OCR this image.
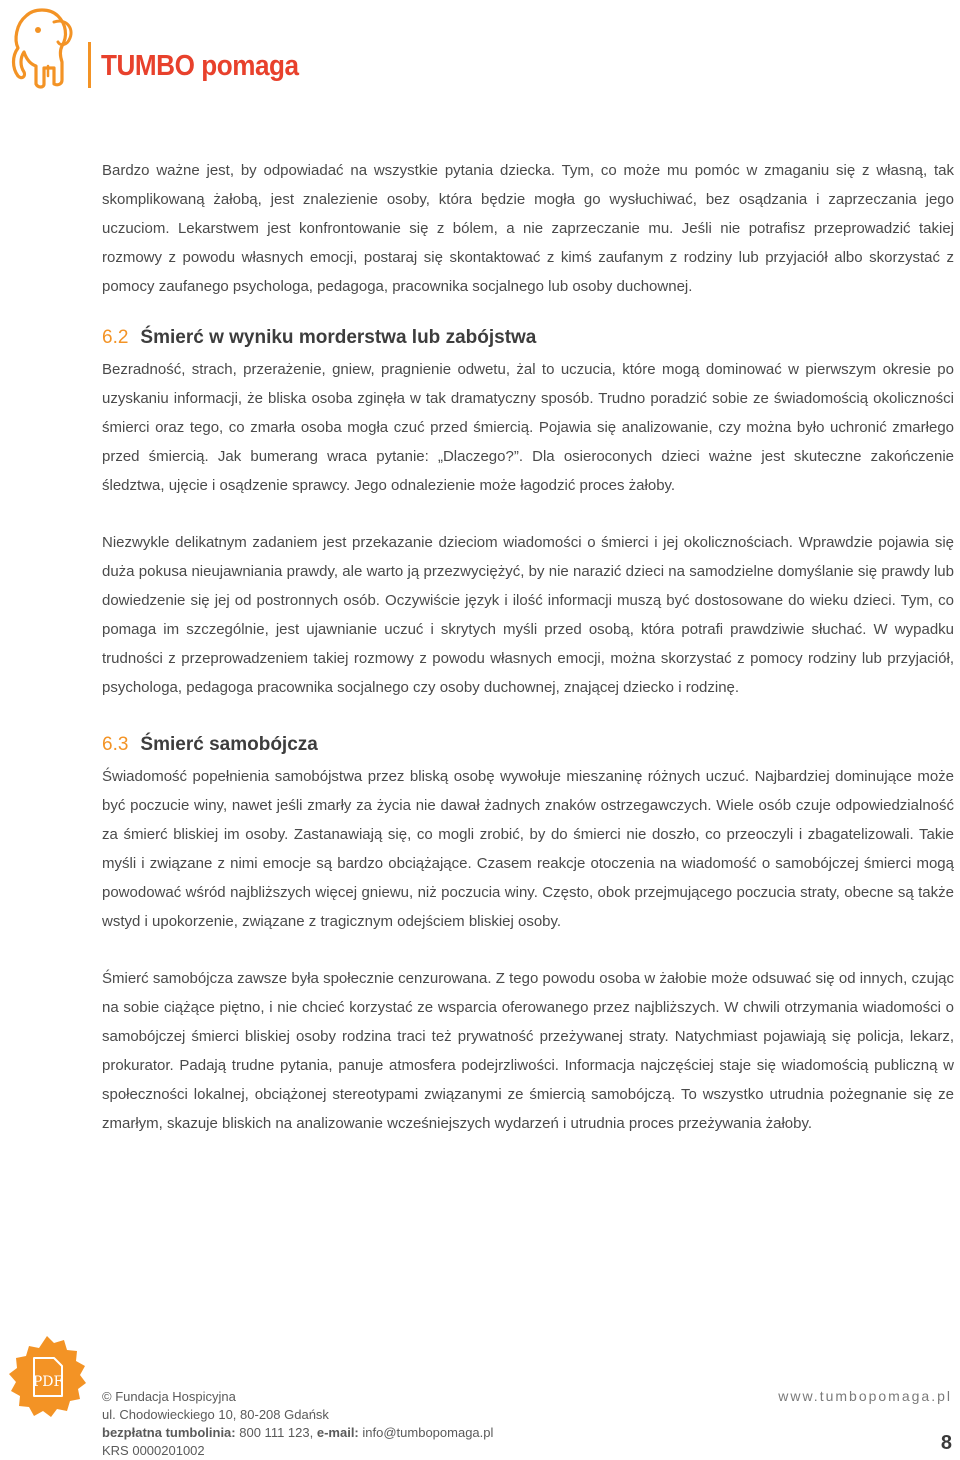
TUMBO pomaga

Bardzo ważne jest, by odpowiadać na wszystkie pytania dziecka. Tym, co może mu pomóc w zmaganiu się z własną, tak skomplikowaną żałobą, jest znalezienie osoby, która będzie mogła go wysłuchiwać, bez osądzania i zaprzeczania jego uczuciom. Lekarstwem jest konfrontowanie się z bólem, a nie zaprzeczanie mu. Jeśli nie potrafisz przeprowadzić takiej rozmowy z powodu własnych emocji, postaraj się skontaktować z kimś zaufanym z rodziny lub przyjaciół albo skorzystać z pomocy zaufanego psychologa, pedagoga, pracownika socjalnego lub osoby duchownej.

6.2 Śmierć w wyniku morderstwa lub zabójstwa

Bezradność, strach, przerażenie, gniew, pragnienie odwetu, żal to uczucia, które mogą dominować w pierwszym okresie po uzyskaniu informacji, że bliska osoba zginęła w tak dramatyczny sposób. Trudno poradzić sobie ze świadomością okoliczności śmierci oraz tego, co zmarła osoba mogła czuć przed śmiercią. Pojawia się analizowanie, czy można było uchronić zmarłego przed śmiercią. Jak bumerang wraca pytanie: „Dlaczego?”. Dla osieroconych dzieci ważne jest skuteczne zakończenie śledztwa, ujęcie i osądzenie sprawcy. Jego odnalezienie może łagodzić proces żałoby.

Niezwykle delikatnym zadaniem jest przekazanie dzieciom wiadomości o śmierci i jej okolicznościach. Wprawdzie pojawia się duża pokusa nieujawniania prawdy, ale warto ją przezwyciężyć, by nie narazić dzieci na samodzielne domyślanie się prawdy lub dowiedzenie się jej od postronnych osób. Oczywiście język i ilość informacji muszą być dostosowane do wieku dzieci. Tym, co pomaga im szczególnie, jest ujawnianie uczuć i skrytych myśli przed osobą, która potrafi prawdziwie słuchać. W wypadku trudności z przeprowadzeniem takiej rozmowy z powodu własnych emocji, można skorzystać z pomocy rodziny lub przyjaciół, psychologa, pedagoga pracownika socjalnego czy osoby duchownej, znającej dziecko i rodzinę.

6.3 Śmierć samobójcza

Świadomość popełnienia samobójstwa przez bliską osobę wywołuje mieszaninę różnych uczuć. Najbardziej dominujące może być poczucie winy, nawet jeśli zmarły za życia nie dawał żadnych znaków ostrzegawczych. Wiele osób czuje odpowiedzialność za śmierć bliskiej im osoby. Zastanawiają się, co mogli zrobić, by do śmierci nie doszło, co przeoczyli i zbagatelizowali. Takie myśli i związane z nimi emocje są bardzo obciążające. Czasem reakcje otoczenia na wiadomość o samobójczej śmierci mogą powodować wśród najbliższych więcej gniewu, niż poczucia winy. Często, obok przejmującego poczucia straty, obecne są także wstyd i upokorzenie, związane z tragicznym odejściem bliskiej osoby.

Śmierć samobójcza zawsze była społecznie cenzurowana. Z tego powodu osoba w żałobie może odsuwać się od innych, czując na sobie ciążące piętno, i nie chcieć korzystać ze wsparcia oferowanego przez najbliższych. W chwili otrzymania wiadomości o samobójczej śmierci bliskiej osoby rodzina traci też prywatność przeżywanej straty. Natychmiast pojawiają się policja, lekarz, prokurator. Padają trudne pytania, panuje atmosfera podejrzliwości. Informacja najczęściej staje się wiadomością publiczną w społeczności lokalnej, obciążonej stereotypami związanymi ze śmiercią samobójczą. To wszystko utrudnia pożegnanie się ze zmarłym, skazuje bliskich na analizowanie wcześniejszych wydarzeń i utrudnia proces przeżywania żałoby.

PDF
© Fundacja Hospicyjna
ul. Chodowieckiego 10, 80-208 Gdańsk
bezpłatna tumbolinia: 800 111 123, e-mail: info@tumbopomaga.pl
KRS 0000201002
www.tumbopomaga.pl
8
